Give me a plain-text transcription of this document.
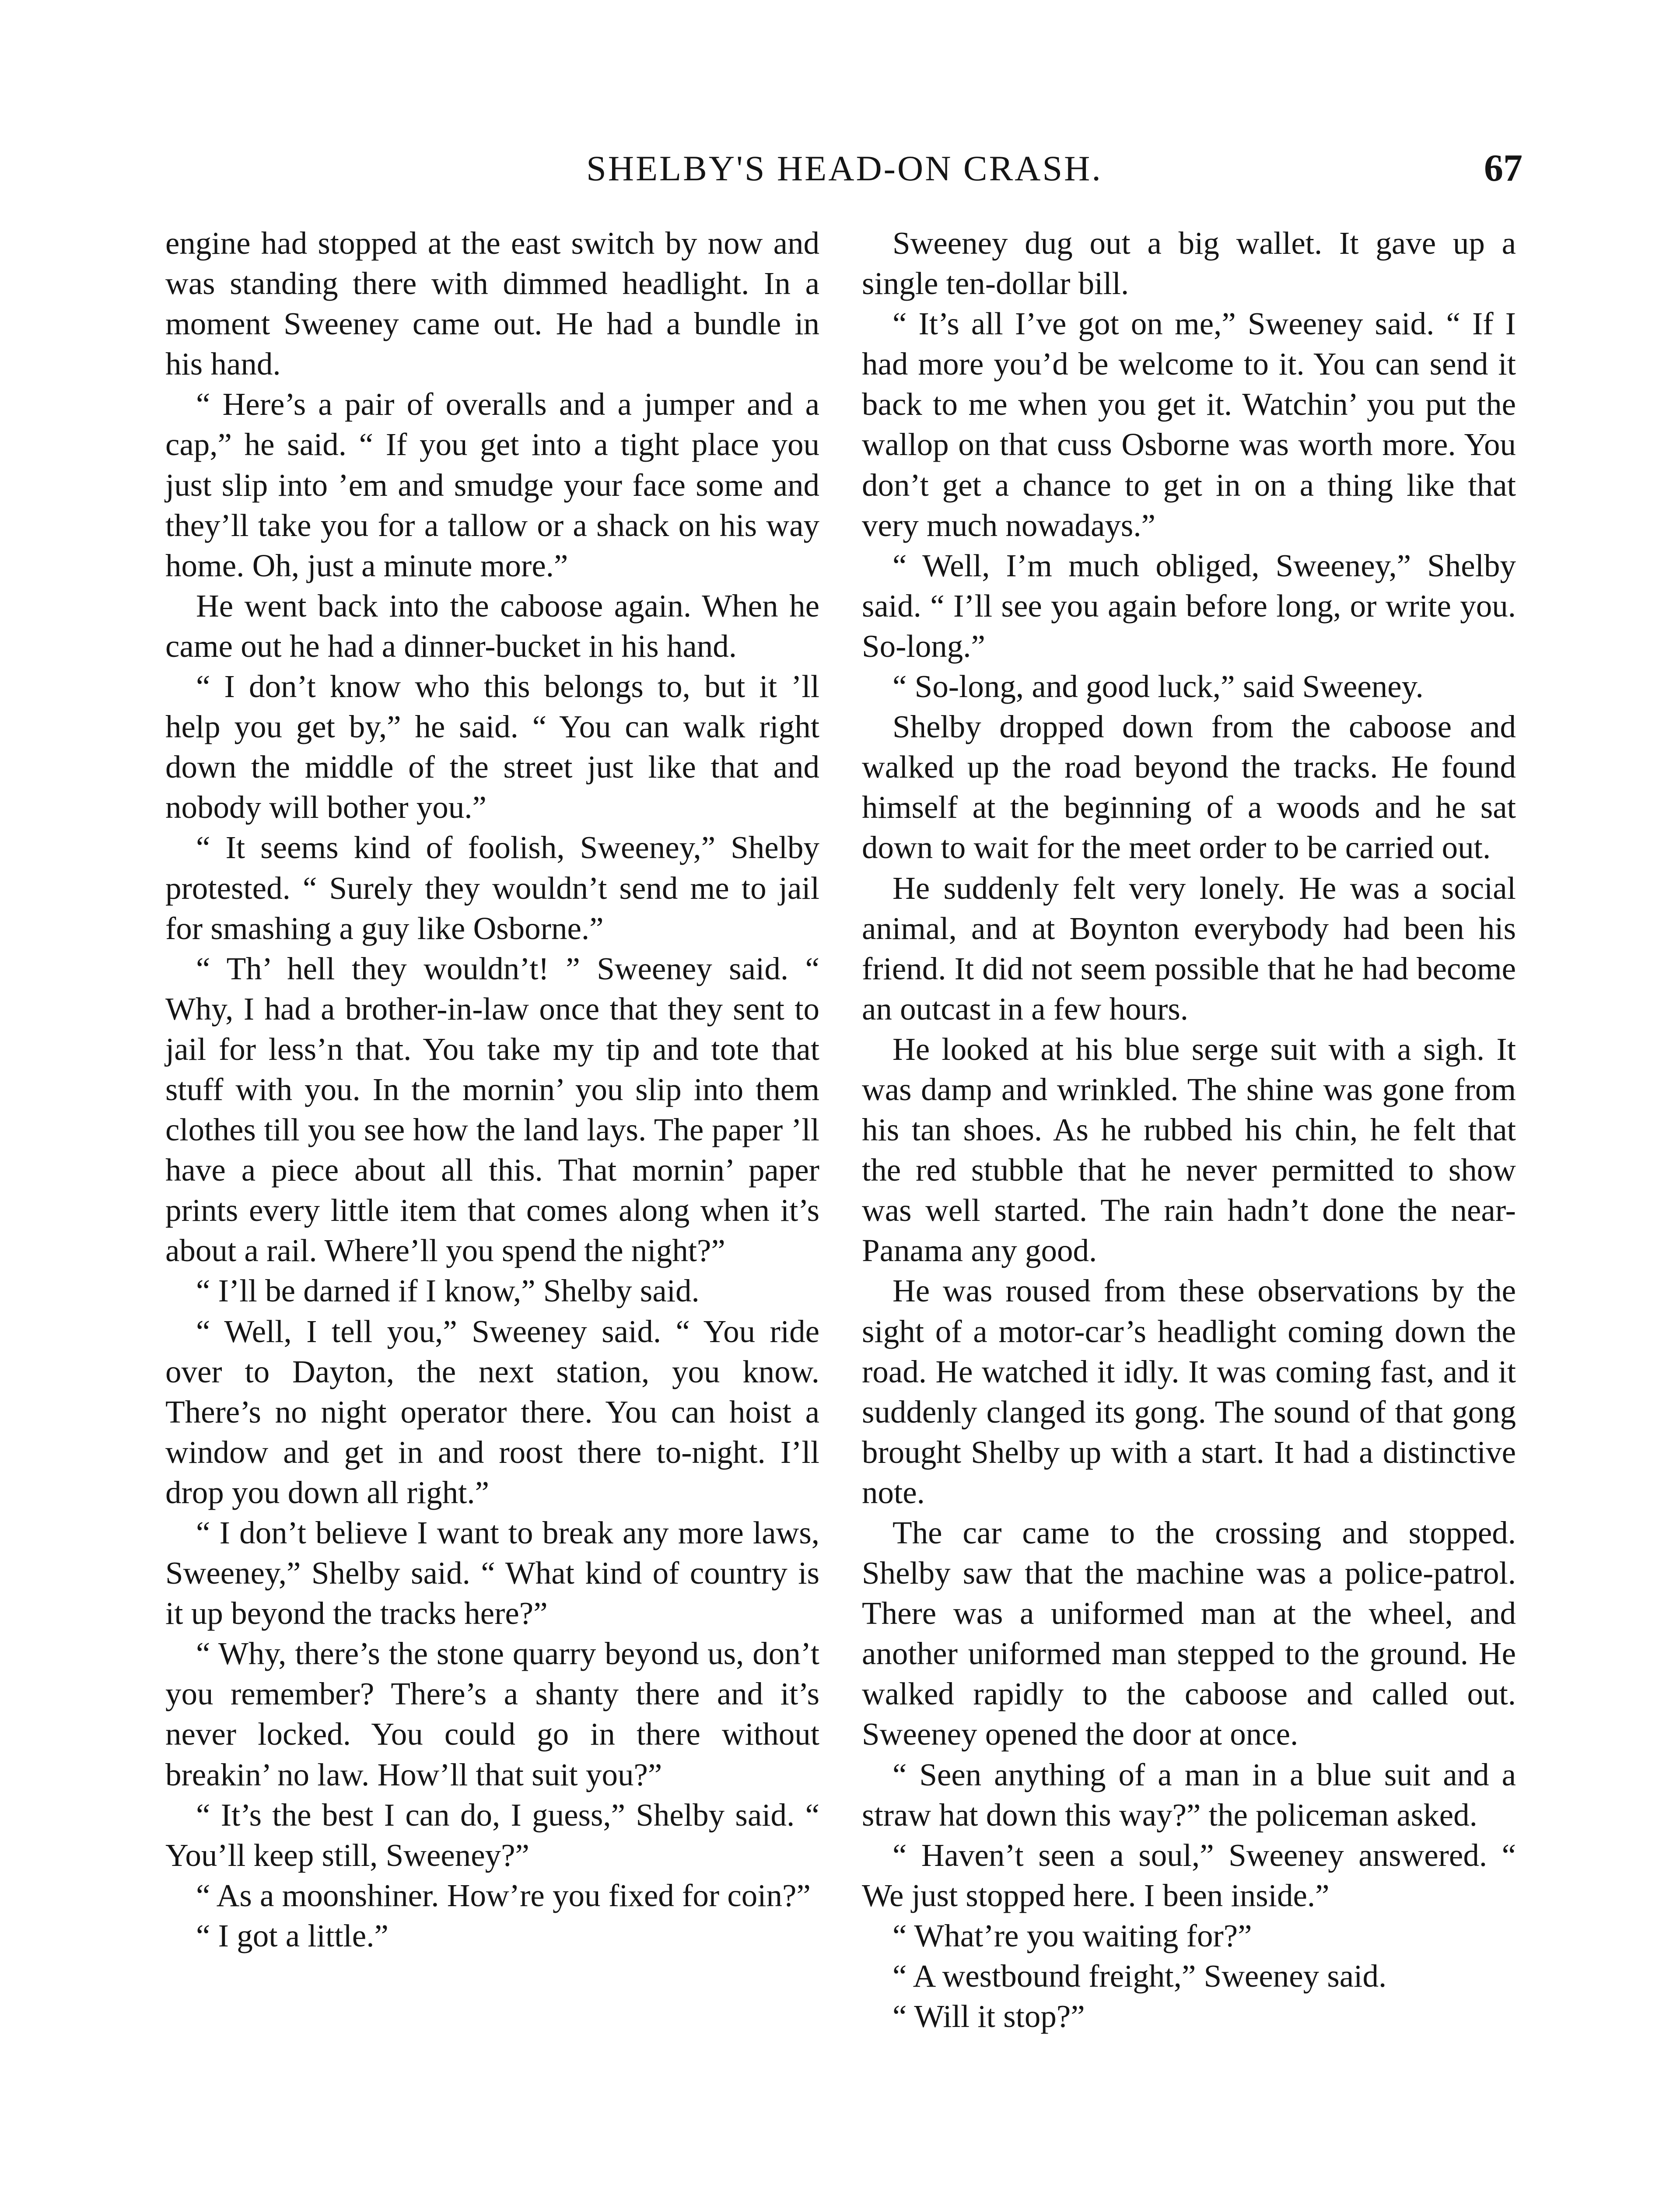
SHELBY'S HEAD-ON CRASH.	67

engine had stopped at the east switch by now and was standing there with dimmed headlight. In a moment Sweeney came out. He had a bundle in his hand.

“ Here’s a pair of overalls and a jumper and a cap,” he said. “ If you get into a tight place you just slip into ’em and smudge your face some and they’ll take you for a tallow or a shack on his way home. Oh, just a minute more.”

He went back into the caboose again. When he came out he had a dinner-bucket in his hand.

“ I don’t know who this belongs to, but it ’ll help you get by,” he said. “ You can walk right down the middle of the street just like that and nobody will bother you.”

“ It seems kind of foolish, Sweeney,” Shelby protested. “ Surely they wouldn’t send me to jail for smashing a guy like Osborne.”

“ Th’ hell they wouldn’t! ” Sweeney said. “ Why, I had a brother-in-law once that they sent to jail for less’n that. You take my tip and tote that stuff with you. In the mornin’ you slip into them clothes till you see how the land lays. The paper ’ll have a piece about all this. That mornin’ paper prints every little item that comes along when it’s about a rail. Where’ll you spend the night?”

“ I’ll be darned if I know,” Shelby said.

“ Well, I tell you,” Sweeney said. “ You ride over to Dayton, the next station, you know. There’s no night operator there. You can hoist a window and get in and roost there to-night. I’ll drop you down all right.”

“ I don’t believe I want to break any more laws, Sweeney,” Shelby said. “ What kind of country is it up beyond the tracks here?”

“ Why, there’s the stone quarry beyond us, don’t you remember? There’s a shanty there and it’s never locked. You could go in there without breakin’ no law. How’ll that suit you?”

“ It’s the best I can do, I guess,” Shelby said. “ You’ll keep still, Sweeney?”

“ As a moonshiner. How’re you fixed for coin?”

“ I got a little.”

Sweeney dug out a big wallet. It gave up a single ten-dollar bill.

“ It’s all I’ve got on me,” Sweeney said. “ If I had more you’d be welcome to it. You can send it back to me when you get it. Watchin’ you put the wallop on that cuss Osborne was worth more. You don’t get a chance to get in on a thing like that very much nowadays.”

“ Well, I’m much obliged, Sweeney,” Shelby said. “ I’ll see you again before long, or write you. So-long.”

“ So-long, and good luck,” said Sweeney.

Shelby dropped down from the caboose and walked up the road beyond the tracks. He found himself at the beginning of a woods and he sat down to wait for the meet order to be carried out.

He suddenly felt very lonely. He was a social animal, and at Boynton everybody had been his friend. It did not seem possible that he had become an outcast in a few hours.

He looked at his blue serge suit with a sigh. It was damp and wrinkled. The shine was gone from his tan shoes. As he rubbed his chin, he felt that the red stubble that he never permitted to show was well started. The rain hadn’t done the near-Panama any good.

He was roused from these observations by the sight of a motor-car’s headlight coming down the road. He watched it idly. It was coming fast, and it suddenly clanged its gong. The sound of that gong brought Shelby up with a start. It had a distinctive note.

The car came to the crossing and stopped. Shelby saw that the machine was a police-patrol. There was a uniformed man at the wheel, and another uniformed man stepped to the ground. He walked rapidly to the caboose and called out. Sweeney opened the door at once.

“ Seen anything of a man in a blue suit and a straw hat down this way?” the policeman asked.

“ Haven’t seen a soul,” Sweeney answered. “ We just stopped here. I been inside.”

“ What’re you waiting for?”

“ A westbound freight,” Sweeney said.

“ Will it stop?”
